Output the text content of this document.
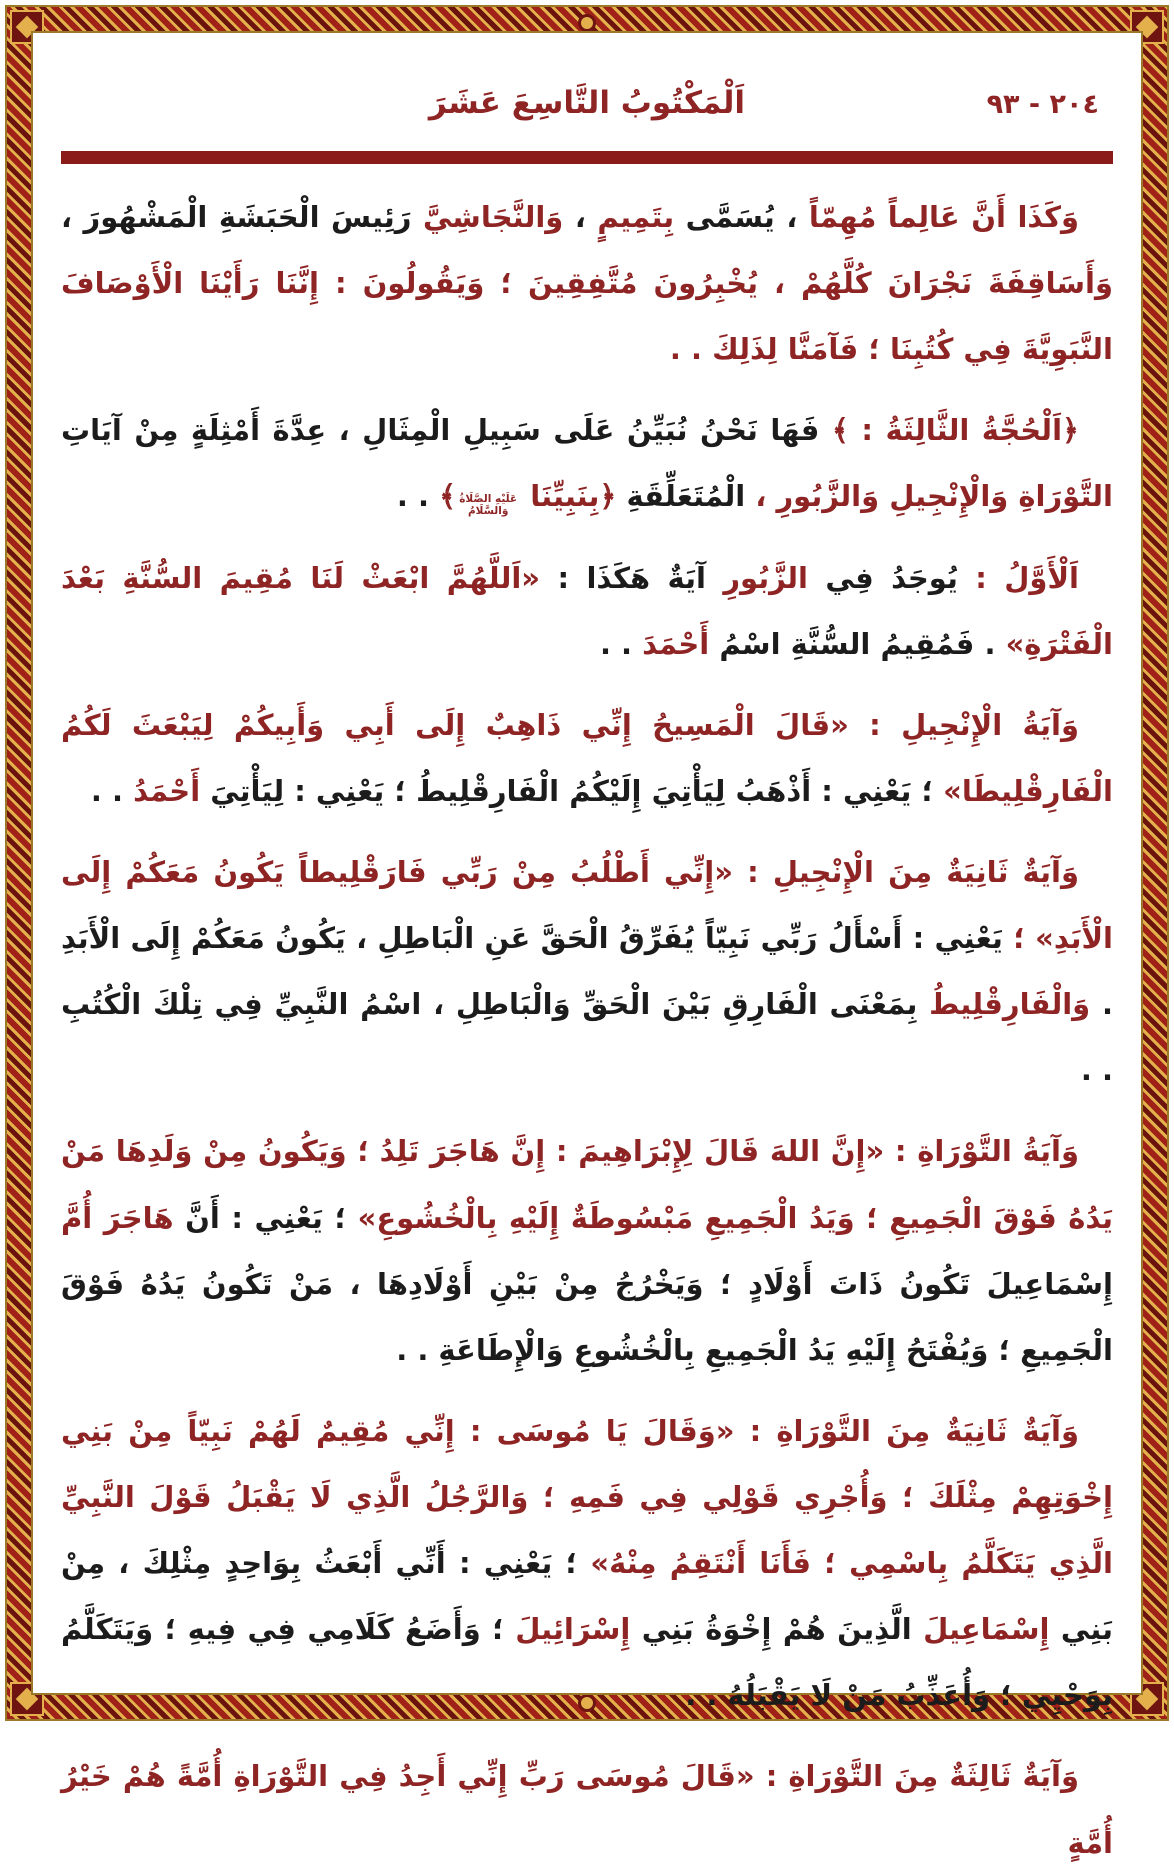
اَلْمَكْتُوبُ التَّاسِعَ عَشَرَ	٢٠٤ - ٩٣

وَكَذَا أَنَّ عَالِماً مُهِمّاً ، يُسَمَّى بِتَمِيمٍ ، وَالنَّجَاشِيَّ رَئِيسَ الْحَبَشَةِ الْمَشْهُورَ ، وَأَسَاقِفَةَ نَجْرَانَ كُلَّهُمْ ، يُخْبِرُونَ مُتَّفِقِينَ ؛ وَيَقُولُونَ : إِنَّنَا رَأَيْنَا الْأَوْصَافَ النَّبَوِيَّةَ فِي كُتُبِنَا ؛ فَآمَنَّا لِذَلِكَ . .

﴿اَلْحُجَّةُ الثَّالِثَةُ : ﴾ فَهَا نَحْنُ نُبَيِّنُ عَلَى سَبِيلِ الْمِثَالِ ، عِدَّةَ أَمْثِلَةٍ مِنْ آيَاتِ التَّوْرَاةِ وَالْإِنْجِيلِ وَالزَّبُورِ ، الْمُتَعَلِّقَةِ ﴿بِنَبِيِّنَا عَلَيْهِ الصَّلَاةُ وَالسَّلَامُ﴾ . .

اَلْأَوَّلُ : يُوجَدُ فِي الزَّبُورِ آيَةٌ هَكَذَا : «اَللَّهُمَّ ابْعَثْ لَنَا مُقِيمَ السُّنَّةِ بَعْدَ الْفَتْرَةِ» . فَمُقِيمُ السُّنَّةِ اسْمُ أَحْمَدَ . .

وَآيَةُ الْإِنْجِيلِ : «قَالَ الْمَسِيحُ إِنِّي ذَاهِبٌ إِلَى أَبِي وَأَبِيكُمْ لِيَبْعَثَ لَكُمُ الْفَارِقْلِيطَا» ؛ يَعْنِي : أَذْهَبُ لِيَأْتِيَ إِلَيْكُمُ الْفَارِقْلِيطُ ؛ يَعْنِي : لِيَأْتِيَ أَحْمَدُ . .

وَآيَةٌ ثَانِيَةٌ مِنَ الْإِنْجِيلِ : «إِنِّي أَطْلُبُ مِنْ رَبِّي فَارَقْلِيطاً يَكُونُ مَعَكُمْ إِلَى الْأَبَدِ» ؛ يَعْنِي : أَسْأَلُ رَبِّي نَبِيّاً يُفَرِّقُ الْحَقَّ عَنِ الْبَاطِلِ ، يَكُونُ مَعَكُمْ إِلَى الْأَبَدِ . وَالْفَارِقْلِيطُ بِمَعْنَى الْفَارِقِ بَيْنَ الْحَقِّ وَالْبَاطِلِ ، اسْمُ النَّبِيِّ فِي تِلْكَ الْكُتُبِ . .

وَآيَةُ التَّوْرَاةِ : «إِنَّ اللهَ قَالَ لِإِبْرَاهِيمَ : إِنَّ هَاجَرَ تَلِدُ ؛ وَيَكُونُ مِنْ وَلَدِهَا مَنْ يَدُهُ فَوْقَ الْجَمِيعِ ؛ وَيَدُ الْجَمِيعِ مَبْسُوطَةٌ إِلَيْهِ بِالْخُشُوعِ» ؛ يَعْنِي : أَنَّ هَاجَرَ أُمَّ إِسْمَاعِيلَ تَكُونُ ذَاتَ أَوْلَادٍ ؛ وَيَخْرُجُ مِنْ بَيْنِ أَوْلَادِهَا ، مَنْ تَكُونُ يَدُهُ فَوْقَ الْجَمِيعِ ؛ وَيُفْتَحُ إِلَيْهِ يَدُ الْجَمِيعِ بِالْخُشُوعِ وَالْإِطَاعَةِ . .

وَآيَةٌ ثَانِيَةٌ مِنَ التَّوْرَاةِ : «وَقَالَ يَا مُوسَى : إِنِّي مُقِيمٌ لَهُمْ نَبِيّاً مِنْ بَنِي إِخْوَتِهِمْ مِثْلَكَ ؛ وَأُجْرِي قَوْلِي فِي فَمِهِ ؛ وَالرَّجُلُ الَّذِي لَا يَقْبَلُ قَوْلَ النَّبِيِّ الَّذِي يَتَكَلَّمُ بِاسْمِي ؛ فَأَنَا أَنْتَقِمُ مِنْهُ» ؛ يَعْنِي : أَنِّي أَبْعَثُ بِوَاحِدٍ مِثْلِكَ ، مِنْ بَنِي إِسْمَاعِيلَ الَّذِينَ هُمْ إِخْوَةُ بَنِي إِسْرَائِيلَ ؛ وَأَضَعُ كَلَامِي فِي فِيهِ ؛ وَيَتَكَلَّمُ بِوَحْيِي ؛ وَأُعَذِّبُ مَنْ لَا يَقْبَلُهُ . .

وَآيَةٌ ثَالِثَةٌ مِنَ التَّوْرَاةِ : «قَالَ مُوسَى رَبِّ إِنِّي أَجِدُ فِي التَّوْرَاةِ أُمَّةً هُمْ خَيْرُ أُمَّةٍ
